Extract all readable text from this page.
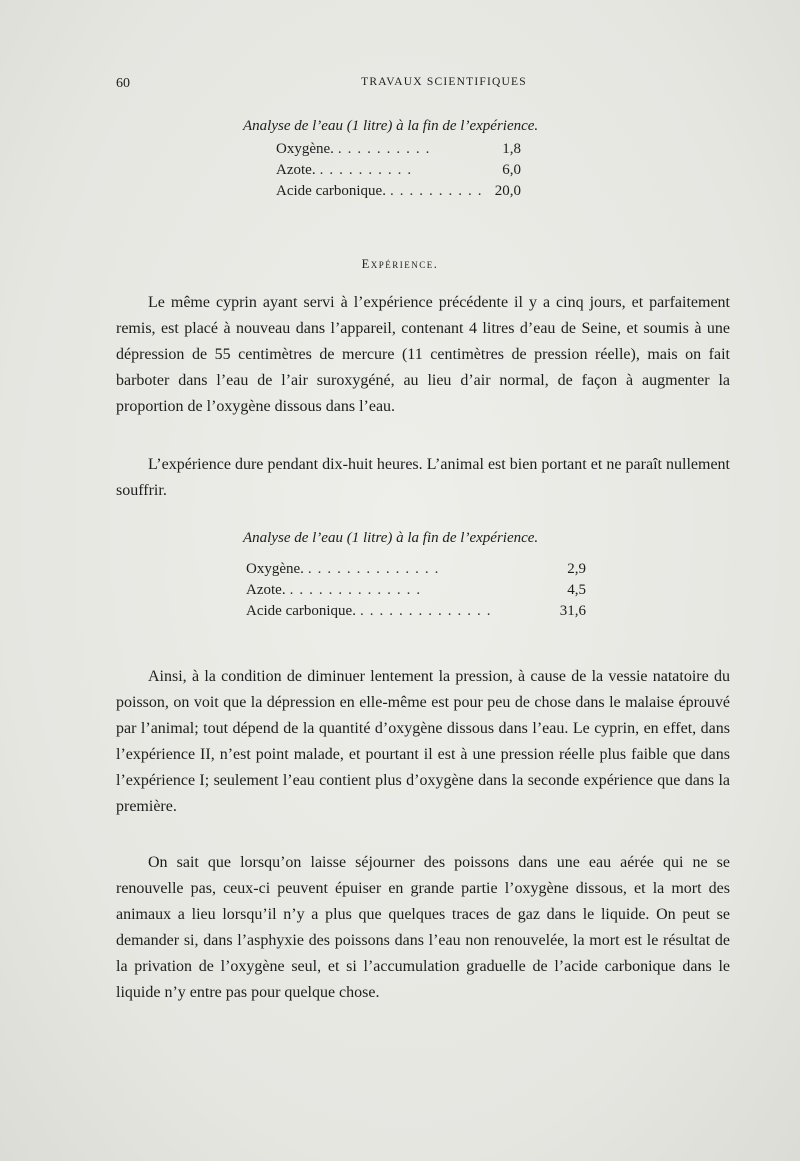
60	TRAVAUX SCIENTIFIQUES
Analyse de l’eau (1 litre) à la fin de l’expérience.
Oxygène. ..........	1,8
Azote. ..........	6,0
Acide carbonique. .......... 20,0
Expérience.

Le même cyprin ayant servi à l’expérience précédente il y a cinq jours, et parfaitement remis, est placé à nouveau dans l’appareil, contenant 4 litres d’eau de Seine, et soumis à une dépression de 55 centimètres de mercure (11 centimètres de pression réelle), mais on fait barboter dans l’eau de l’air suroxygéné, au lieu d’air normal, de façon à augmenter la proportion de l’oxygène dissous dans l’eau.

L’expérience dure pendant dix-huit heures. L’animal est bien portant et ne paraît nullement souffrir.

Analyse de l’eau (1 litre) à la fin de l’expérience.
Oxygène. ..............	2,9
Azote. ..............	4,5
Acide carbonique. ..............	31,6

Ainsi, à la condition de diminuer lentement la pression, à cause de la vessie natatoire du poisson, on voit que la dépression en elle-même est pour peu de chose dans le malaise éprouvé par l’animal; tout dépend de la quantité d’oxygène dissous dans l’eau. Le cyprin, en effet, dans l’expérience II, n’est point malade, et pourtant il est à une pression réelle plus faible que dans l’expérience I; seulement l’eau contient plus d’oxygène dans la seconde expérience que dans la première.

On sait que lorsqu’on laisse séjourner des poissons dans une eau aérée qui ne se renouvelle pas, ceux-ci peuvent épuiser en grande partie l’oxygène dissous, et la mort des animaux a lieu lorsqu’il n’y a plus que quelques traces de gaz dans le liquide. On peut se demander si, dans l’asphyxie des poissons dans l’eau non renouvelée, la mort est le résultat de la privation de l’oxygène seul, et si l’accumulation graduelle de l’acide carbonique dans le liquide n’y entre pas pour quelque chose.
